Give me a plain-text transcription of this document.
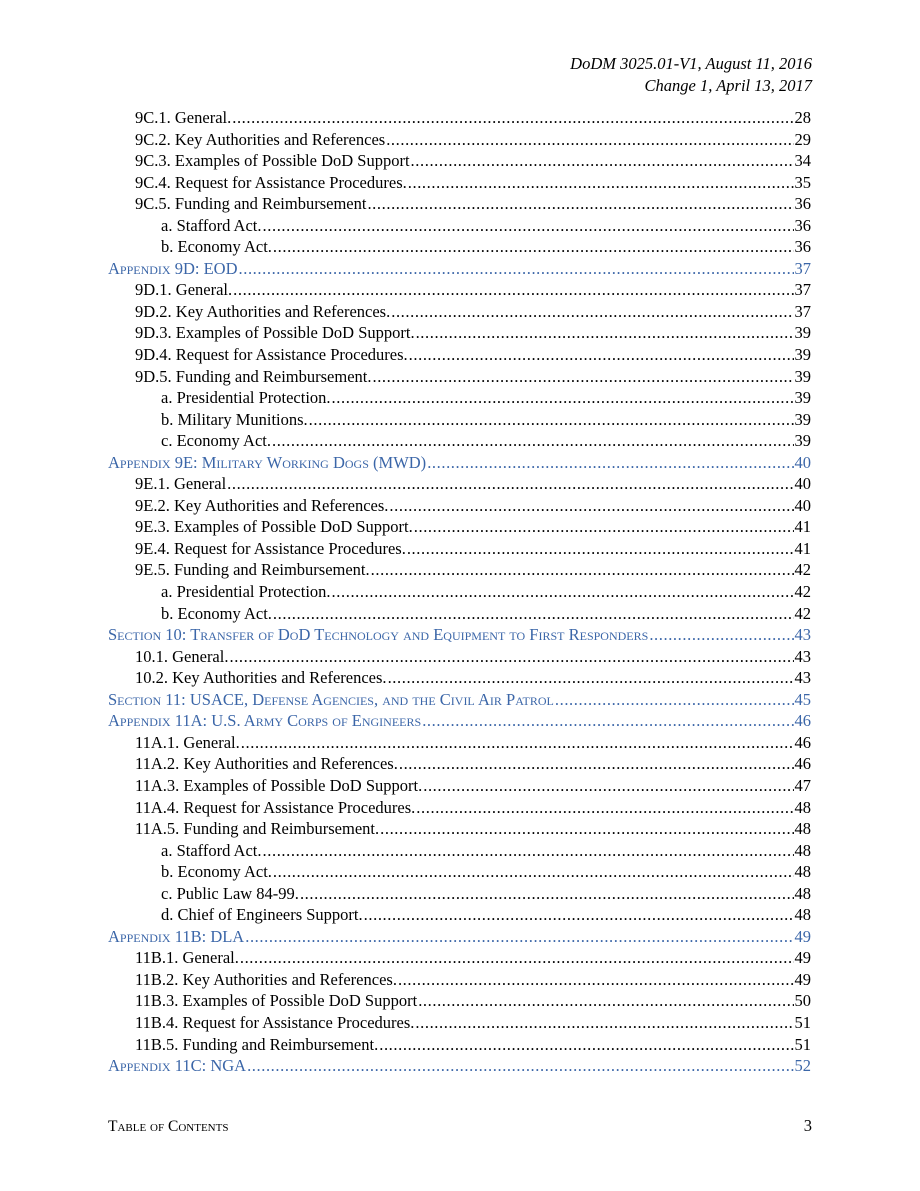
DoDM 3025.01-V1, August 11, 2016
Change 1, April 13, 2017
9C.1. General. .....	28
9C.2. Key Authorities and References .....	29
9C.3. Examples of Possible DoD Support .....	34
9C.4. Request for Assistance Procedures. .....	35
9C.5. Funding and Reimbursement .....	36
a. Stafford Act. .....	36
b. Economy Act. .....	36
Appendix 9D: EOD .....	37
9D.1. General. .....	37
9D.2. Key Authorities and References. .....	37
9D.3. Examples of Possible DoD Support. .....	39
9D.4. Request for Assistance Procedures. .....	39
9D.5. Funding and Reimbursement. .....	39
a. Presidential Protection. .....	39
b. Military Munitions. .....	39
c. Economy Act. .....	39
Appendix 9E: Military Working Dogs (MWD) .....	40
9E.1. General .....	40
9E.2. Key Authorities and References. .....	40
9E.3. Examples of Possible DoD Support. .....	41
9E.4. Request for Assistance Procedures. .....	41
9E.5. Funding and Reimbursement. .....	42
a. Presidential Protection. .....	42
b. Economy Act. .....	42
Section 10: Transfer of DoD Technology and Equipment to First Responders .....	43
10.1. General. .....	43
10.2. Key Authorities and References. .....	43
Section 11: USACE, Defense Agencies, and the Civil Air Patrol .....	45
Appendix 11A: U.S. Army Corps of Engineers .....	46
11A.1. General. .....	46
11A.2. Key Authorities and References. .....	46
11A.3. Examples of Possible DoD Support. .....	47
11A.4. Request for Assistance Procedures. .....	48
11A.5. Funding and Reimbursement. .....	48
a. Stafford Act. .....	48
b. Economy Act. .....	48
c. Public Law 84-99. .....	48
d. Chief of Engineers Support. .....	48
Appendix 11B: DLA .....	49
11B.1. General. .....	49
11B.2. Key Authorities and References. .....	49
11B.3. Examples of Possible DoD Support .....	50
11B.4. Request for Assistance Procedures. .....	51
11B.5. Funding and Reimbursement. .....	51
Appendix 11C: NGA .....	52
Table of Contents	3
